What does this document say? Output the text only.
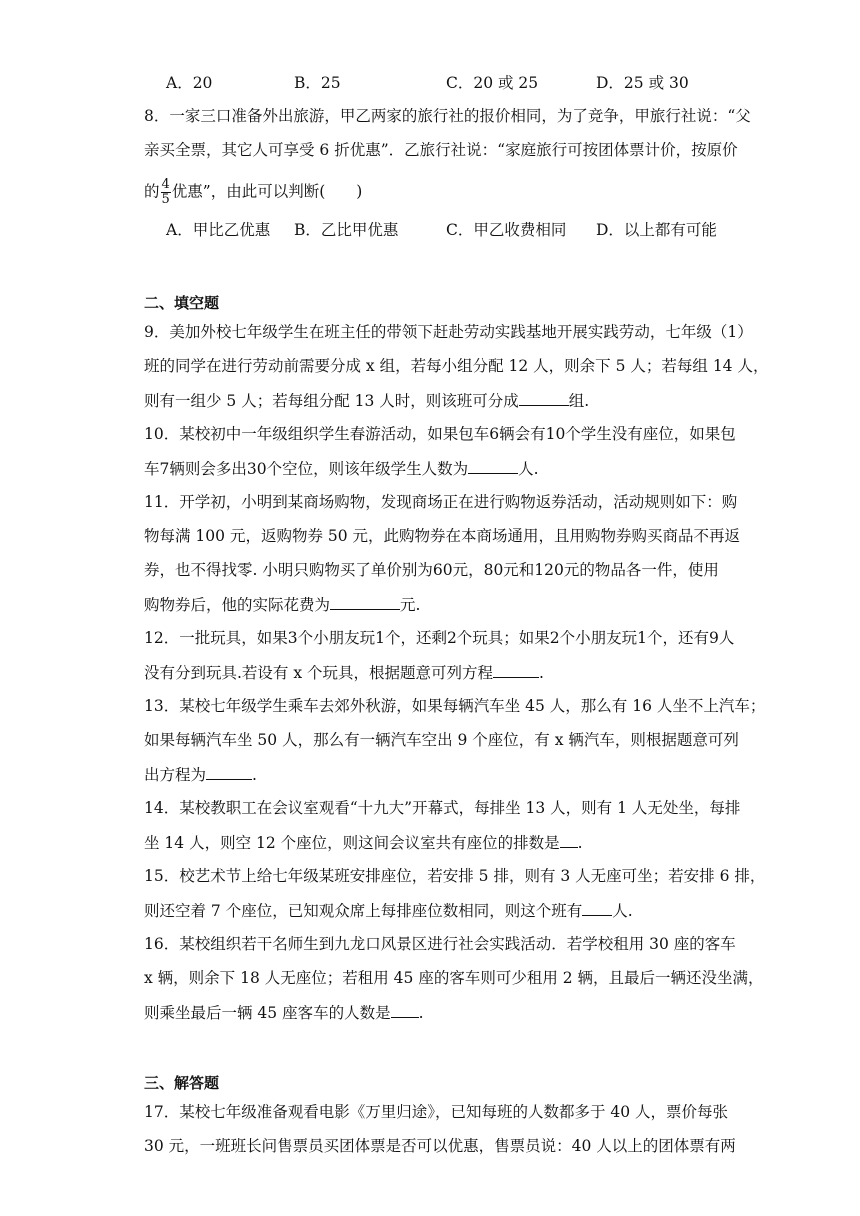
A．20	B．25	C．20 或 25	D．25 或 30
8．一家三口准备外出旅游，甲乙两家的旅行社的报价相同，为了竞争，甲旅行社说：“父
亲买全票，其它人可享受 6 折优惠”．乙旅行社说：“家庭旅行可按团体票计价，按原价
的 $\frac{4}{5}$ 优惠”，由此可以判断(　　)
A．甲比乙优惠 B．乙比甲优惠	C．甲乙收费相同 D．以上都有可能
二、填空题
9．美加外校七年级学生在班主任的带领下赶赴劳动实践基地开展实践劳动，七年级（1）
班的同学在进行劳动前需要分成 x 组，若每小组分配 12 人，则余下 5 人；若每组 14 人，
则有一组少 5 人；若每组分配 13 人时，则该班可分成	组.
10．某校初中一年级组织学生春游活动，如果包车6辆会有10个学生没有座位，如果包
车7辆则会多出30个空位，则该年级学生人数为	人.
11．开学初，小明到某商场购物，发现商场正在进行购物返券活动，活动规则如下：购
物每满 100 元，返购物券 50 元，此购物券在本商场通用，且用购物券购买商品不再返
券，也不得找零. 小明只购物买了单价别为60元，80元和120元的物品各一件，使用
购物券后，他的实际花费为	元.
12．一批玩具，如果3个小朋友玩1个，还剩2个玩具；如果2个小朋友玩1个，还有9人
没有分到玩具.若设有 x 个玩具，根据题意可列方程	.
13．某校七年级学生乘车去郊外秋游，如果每辆汽车坐 45 人，那么有 16 人坐不上汽车；
如果每辆汽车坐 50 人，那么有一辆汽车空出 9 个座位，有 x 辆汽车，则根据题意可列
出方程为	.
14．某校教职工在会议室观看“十九大”开幕式，每排坐 13 人，则有 1 人无处坐，每排
坐 14 人，则空 12 个座位，则这间会议室共有座位的排数是 .
15．校艺术节上给七年级某班安排座位，若安排 5 排，则有 3 人无座可坐；若安排 6 排，
则还空着 7 个座位，已知观众席上每排座位数相同，则这个班有 人.
16．某校组织若干名师生到九龙口风景区进行社会实践活动．若学校租用 30 座的客车
x 辆，则余下 18 人无座位；若租用 45 座的客车则可少租用 2 辆，且最后一辆还没坐满，
则乘坐最后一辆 45 座客车的人数是 .
三、解答题
17．某校七年级准备观看电影《万里归途》，已知每班的人数都多于 40 人，票价每张
30 元，一班班长问售票员买团体票是否可以优惠，售票员说：40 人以上的团体票有两
